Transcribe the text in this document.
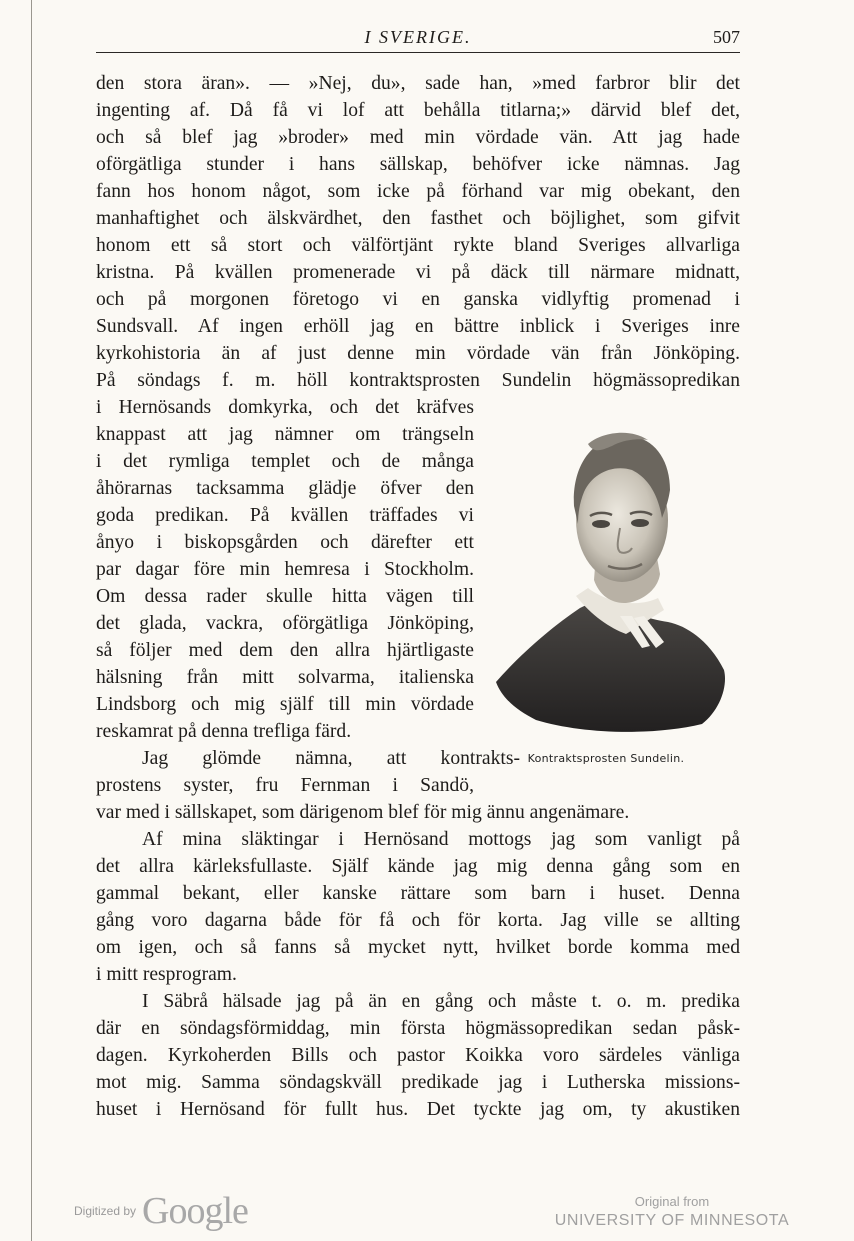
I SVERIGE.	507
den stora äran». — »Nej, du», sade han, »med farbror blir det
ingenting af. Då få vi lof att behålla titlarna;» därvid blef det,
och så blef jag »broder» med min vördade vän. Att jag hade
oförgätliga stunder i hans sällskap, behöfver icke nämnas. Jag
fann hos honom något, som icke på förhand var mig obekant, den
manhaftighet och älskvärdhet, den fasthet och böjlighet, som gifvit
honom ett så stort och välförtjänt rykte bland Sveriges allvarliga
kristna. På kvällen promenerade vi på däck till närmare midnatt,
och på morgonen företogo vi en ganska vidlyftig promenad i
Sundsvall. Af ingen erhöll jag en bättre inblick i Sveriges inre
kyrkohistoria än af just denne min vördade vän från Jönköping.
På söndags f. m. höll kontraktsprosten Sundelin högmässopredikan
i Hernösands domkyrka, och det kräfves
knappast att jag nämner om trängseln
i det rymliga templet och de många
åhörarnas tacksamma glädje öfver den
goda predikan. På kvällen träffades vi
ånyo i biskopsgården och därefter ett
par dagar före min hemresa i Stockholm.
Om dessa rader skulle hitta vägen till
det glada, vackra, oförgätliga Jönköping,
så följer med dem den allra hjärtligaste
hälsning från mitt solvarma, italienska
Lindsborg och mig själf till min vördade
reskamrat på denna trefliga färd.
Jag glömde nämna, att kontrakts-
prostens syster, fru Fernman i Sandö,
var med i sällskapet, som därigenom blef för mig ännu angenämare.
Af mina släktingar i Hernösand mottogs jag som vanligt på
det allra kärleksfullaste. Själf kände jag mig denna gång som en
gammal bekant, eller kanske rättare som barn i huset. Denna
gång voro dagarna både för få och för korta. Jag ville se allting
om igen, och så fanns så mycket nytt, hvilket borde komma med
i mitt resprogram.
I Säbrå hälsade jag på än en gång och måste t. o. m. predika
där en söndagsförmiddag, min första högmässopredikan sedan påsk-
dagen. Kyrkoherden Bills och pastor Koikka voro särdeles vänliga
mot mig. Samma söndagskväll predikade jag i Lutherska missions-
huset i Hernösand för fullt hus. Det tyckte jag om, ty akustiken
Kontraktsprosten Sundelin.
Digitized by Google	Original from
UNIVERSITY OF MINNESOTA
